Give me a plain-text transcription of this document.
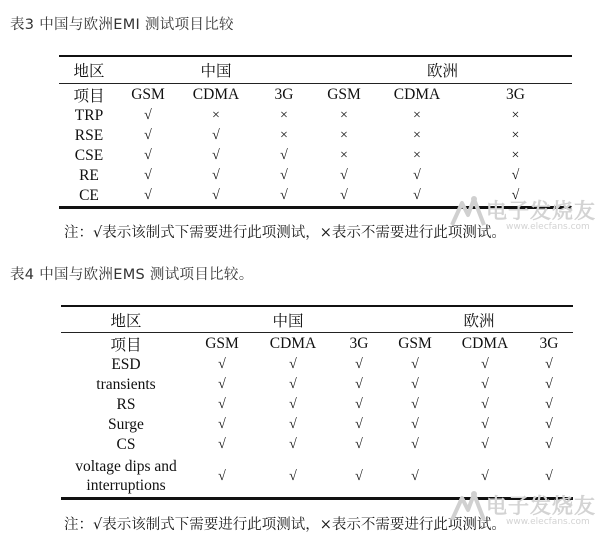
表3 中国与欧洲EMI 测试项目比较
地区	中国			欧洲		
项目	GSM	CDMA	3G	GSM	CDMA	3G
TRP	√	×	×	×	×	×
RSE	√	√	×	×	×	×
CSE	√	√	√	×	×	×
RE	√	√	√	√	√	√
CE	√	√	√	√	√	√
注：√表示该制式下需要进行此项测试，×表示不需要进行此项测试。
电子发烧友
www.elecfans.com
表4 中国与欧洲EMS 测试项目比较。
地区	中国			欧洲		
项目	GSM	CDMA	3G	GSM	CDMA	3G
ESD	√	√	√	√	√	√
transients	√	√	√	√	√	√
RS	√	√	√	√	√	√
Surge	√	√	√	√	√	√
CS	√	√	√	√	√	√

voltage dips and
interruptions	√	√	√	√	√	√
注：√表示该制式下需要进行此项测试，×表示不需要进行此项测试。
电子发烧友
www.elecfans.com
